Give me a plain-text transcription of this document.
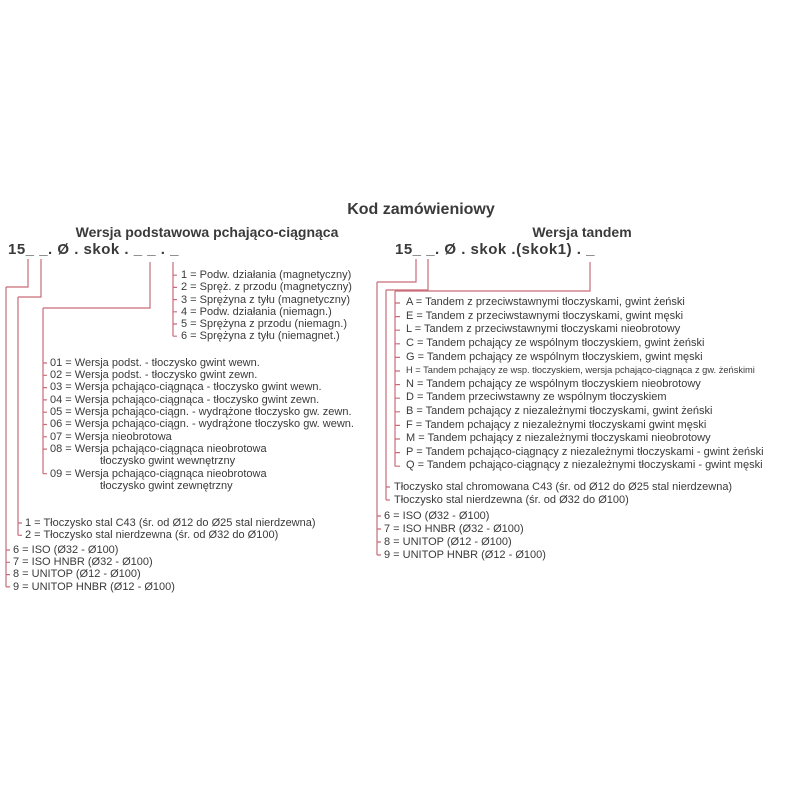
Kod zamówieniowy
Wersja podstawowa pchająco-ciągnąca	Wersja tandem
15_ _. Ø . skok . _ _ . _	15_ _. Ø . skok .(skok1) . _
1 = Podw. działania (magnetyczny)
2 = Spręż. z przodu (magnetyczny)
3 = Sprężyna z tyłu (magnetyczny)
4 = Podw. działania (niemagn.)
5 = Sprężyna z przodu (niemagn.)
6 = Sprężyna z tyłu (niemagnet.)
01 = Wersja podst. - tłoczysko gwint wewn.
02 = Wersja podst. - tłoczysko gwint zewn.
03 = Wersja pchająco-ciągnąca - tłoczysko gwint wewn.
04 = Wersja pchająco-ciągnąca - tłoczysko gwint zewn.
05 = Wersja pchająco-ciągn. - wydrążone tłoczysko gw. zewn.
06 = Wersja pchająco-ciągn. - wydrążone tłoczysko gw. wewn.
07 = Wersja nieobrotowa
08 = Wersja pchająco-ciągnąca nieobrotowa
tłoczysko gwint wewnętrzny
09 = Wersja pchająco-ciągnąca nieobrotowa
tłoczysko gwint zewnętrzny
1 = Tłoczysko stal C43 (śr. od Ø12 do Ø25 stal nierdzewna)
2 = Tłoczysko stal nierdzewna (śr. od Ø32 do Ø100)
6 = ISO (Ø32 - Ø100)
7 = ISO HNBR (Ø32 - Ø100)
8 = UNITOP (Ø12 - Ø100)
9 = UNITOP HNBR (Ø12 - Ø100)
A = Tandem z przeciwstawnymi tłoczyskami, gwint żeński
E = Tandem z przeciwstawnymi tłoczyskami, gwint męski
L = Tandem z przeciwstawnymi tłoczyskami nieobrotowy
C = Tandem pchający ze wspólnym tłoczyskiem, gwint żeński
G = Tandem pchający ze wspólnym tłoczyskiem, gwint męski
H = Tandem pchający ze wsp. tłoczyskiem, wersja pchająco-ciągnąca z gw. żeńskimi
N = Tandem pchający ze wspólnym tłoczyskiem nieobrotowy
D = Tandem przeciwstawny ze wspólnym tłoczyskiem
B = Tandem pchający z niezależnymi tłoczyskami, gwint żeński
F = Tandem pchający z niezależnymi tłoczyskami gwint męski
M = Tandem pchający z niezależnymi tłoczyskami nieobrotowy
P = Tandem pchająco-ciągnący z niezależnymi tłoczyskami - gwint żeński
Q = Tandem pchająco-ciągnący z niezależnymi tłoczyskami - gwint męski
Tłoczysko stal chromowana C43 (śr. od Ø12 do Ø25 stal nierdzewna)
Tłoczysko stal nierdzewna (śr. od Ø32 do Ø100)
6 = ISO (Ø32 - Ø100)
7 = ISO HNBR (Ø32 - Ø100)
8 = UNITOP (Ø12 - Ø100)
9 = UNITOP HNBR (Ø12 - Ø100)
